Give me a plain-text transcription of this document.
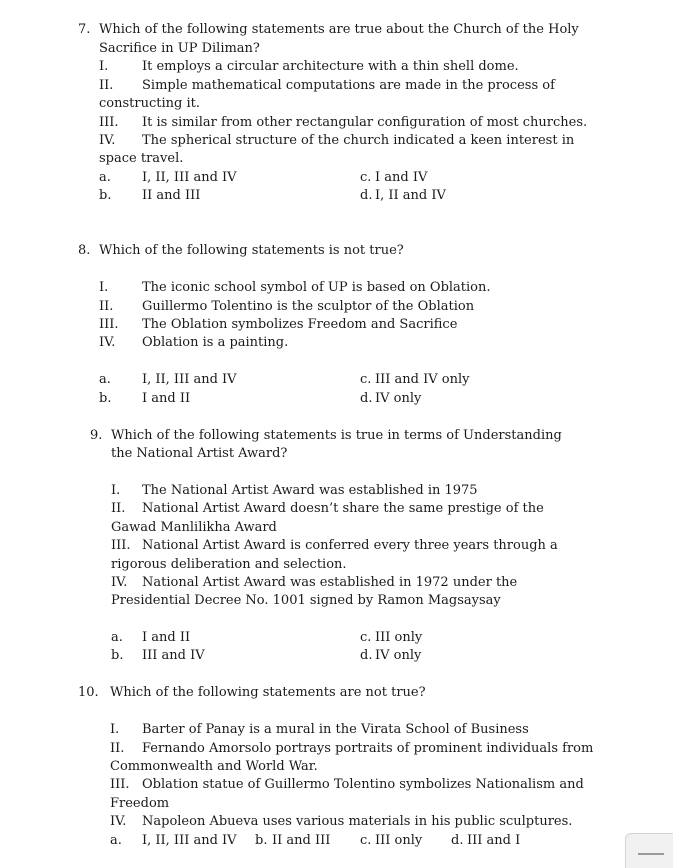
7. Which of the following statements are true about the Church of the Holy
Sacrifice in UP Diliman?
I.	It employs a circular architecture with a thin shell dome.
II. Simple mathematical computations are made in the process of
constructing it.
III. It is similar from other rectangular configuration of most churches.
IV. The spherical structure of the church indicated a keen interest in
space travel.
a. I, II, III and IV	c. I and IV
b. II and III	d. I, II and IV
8. Which of the following statements is not true?
I.	The iconic school symbol of UP is based on Oblation.
II. Guillermo Tolentino is the sculptor of the Oblation
III. The Oblation symbolizes Freedom and Sacrifice
IV. Oblation is a painting.
a. I, II, III and IV	c. III and IV only
b. I and II	d. IV only
9. Which of the following statements is true in terms of Understanding
the National Artist Award?
I. The National Artist Award was established in 1975
II. National Artist Award doesn’t share the same prestige of the
Gawad Manlilikha Award
III. National Artist Award is conferred every three years through a
rigorous deliberation and selection.
IV. National Artist Award was established in 1972 under the
Presidential Decree No. 1001 signed by Ramon Magsaysay
a. I and II	c. III only
b. III and IV	d. IV only
10. Which of the following statements are not true?
I. Barter of Panay is a mural in the Virata School of Business
II. Fernando Amorsolo portrays portraits of prominent individuals from
Commonwealth and World War.
III. Oblation statue of Guillermo Tolentino symbolizes Nationalism and
Freedom
IV. Napoleon Abueva uses various materials in his public sculptures.
a. I, II, III and IV b. II and III c. III only d. III and I
